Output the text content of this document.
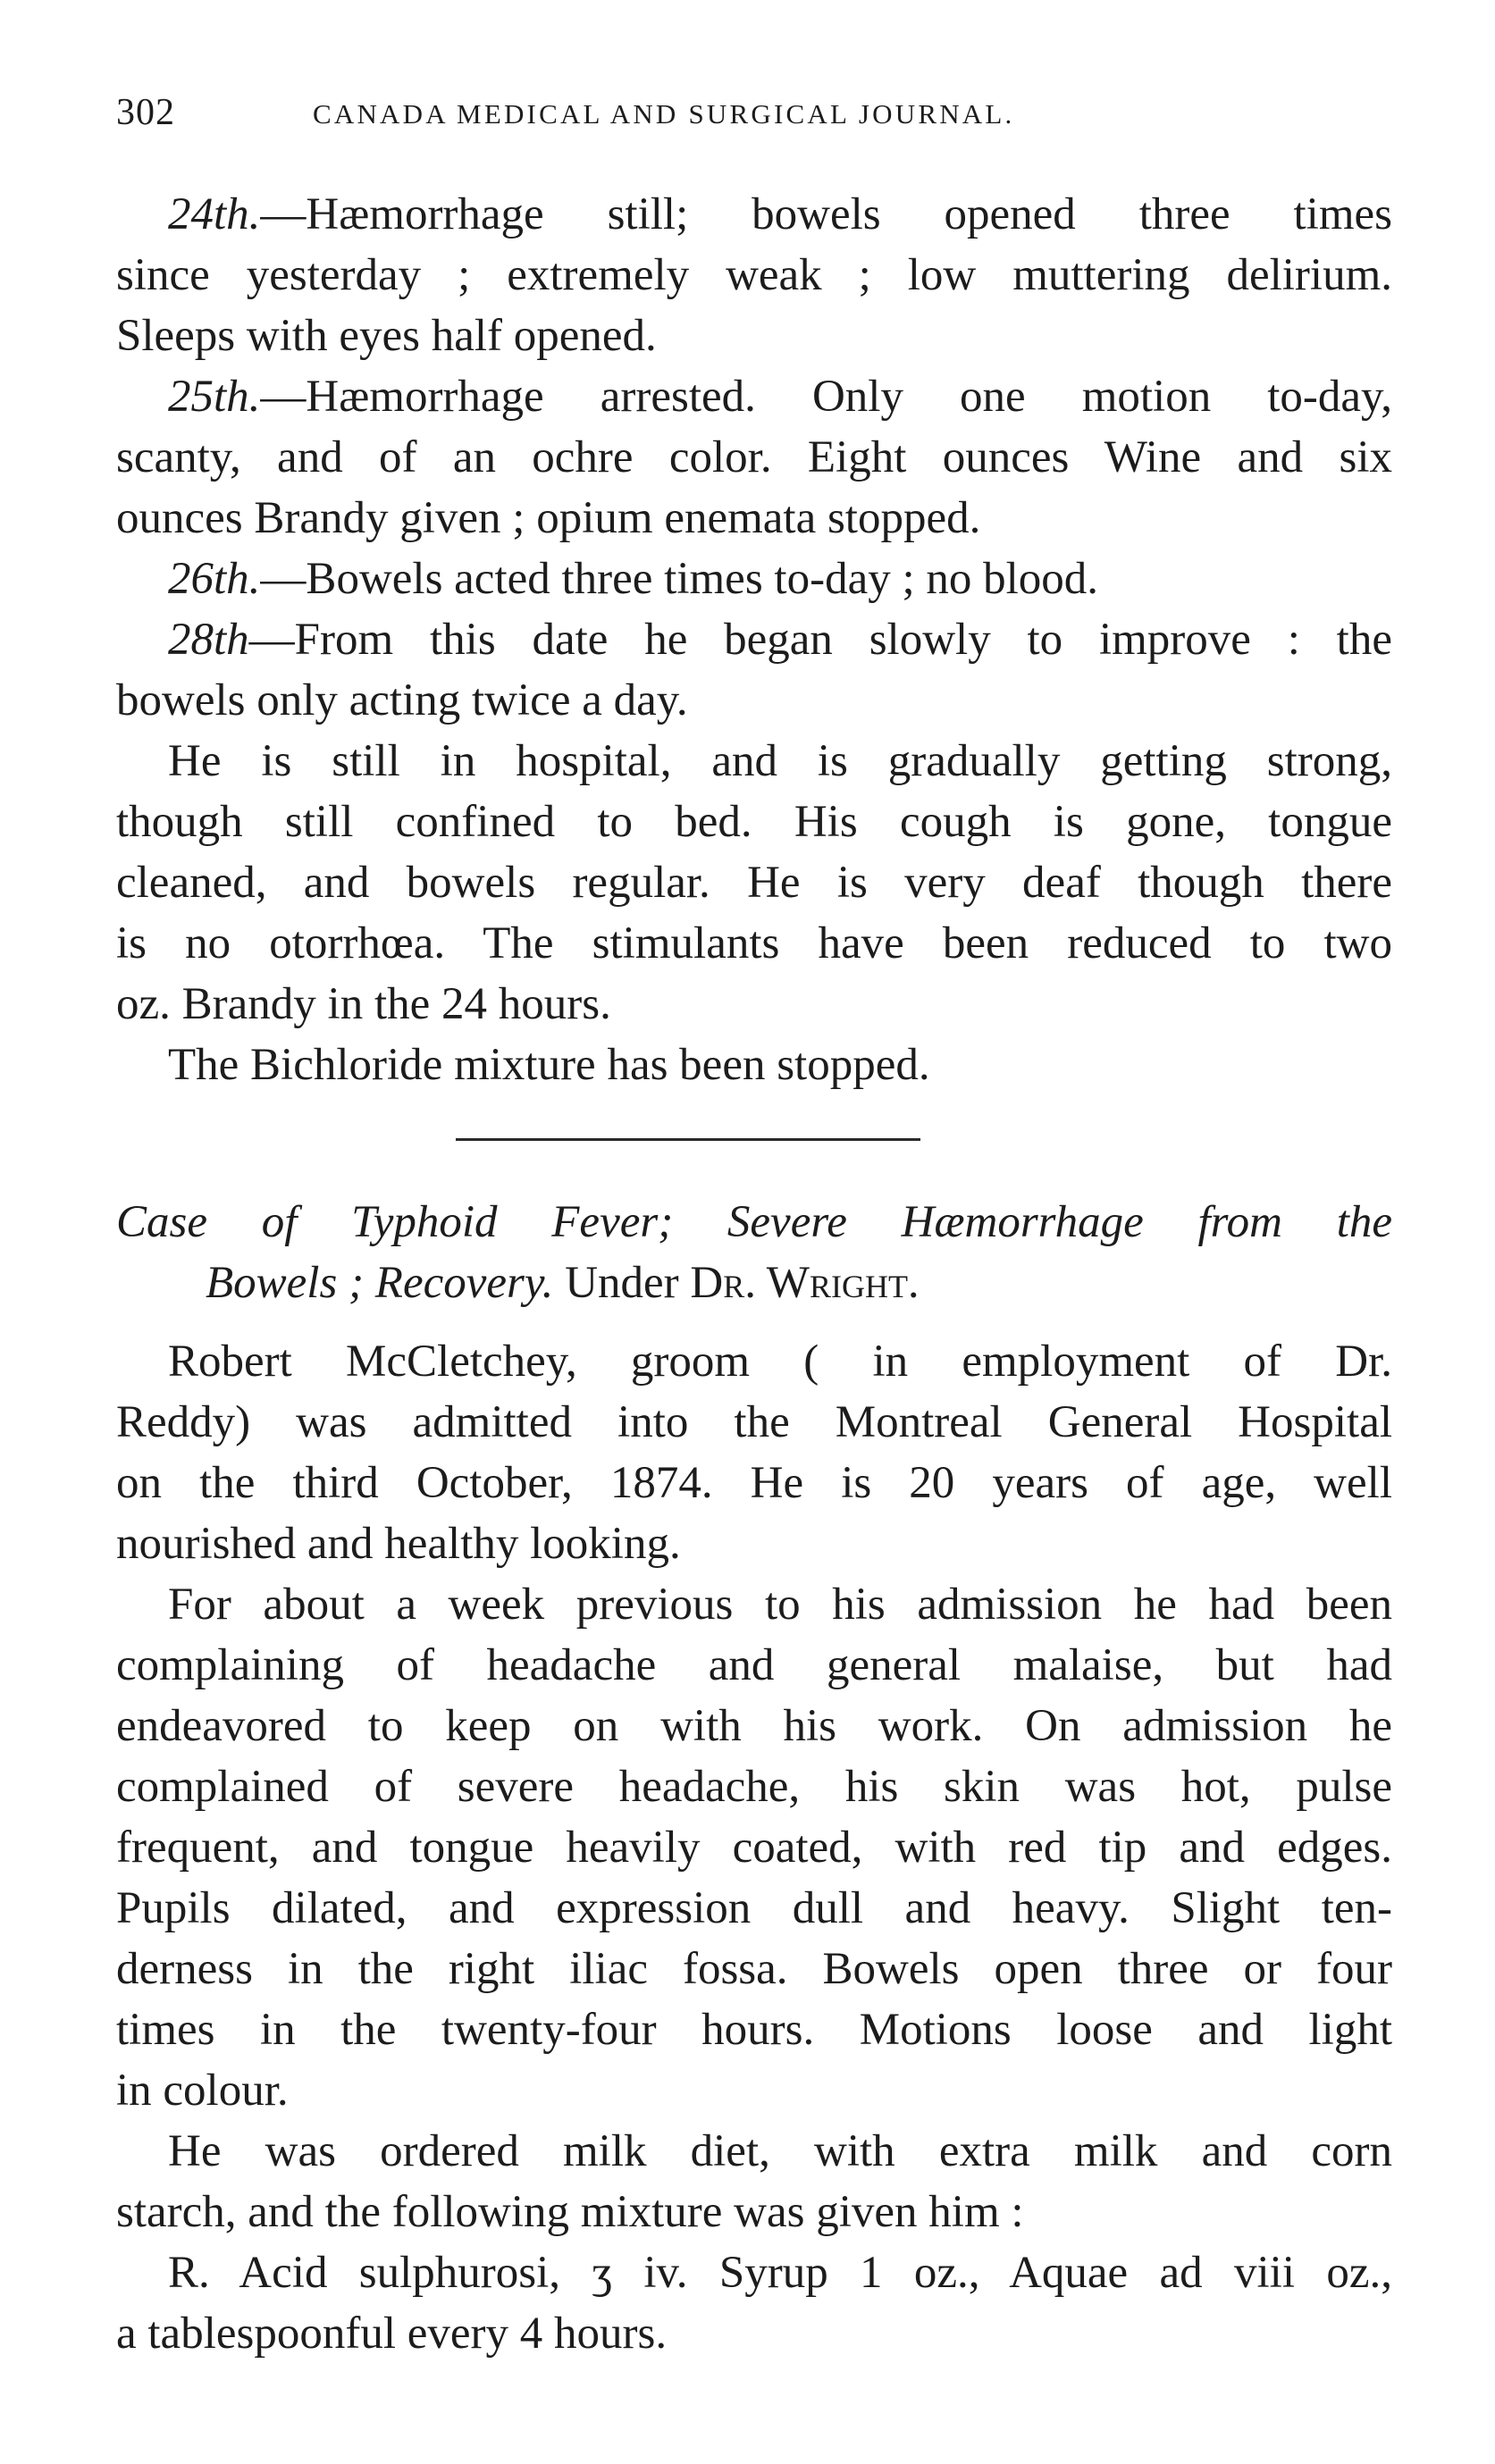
302	CANADA MEDICAL AND SURGICAL JOURNAL.
24th.—Hæmorrhage still; bowels opened three times
since yesterday ; extremely weak ; low muttering delirium.
Sleeps with eyes half opened.
25th.—Hæmorrhage arrested. Only one motion to-day,
scanty, and of an ochre color. Eight ounces Wine and six
ounces Brandy given ; opium enemata stopped.
26th.—Bowels acted three times to-day ; no blood.
28th—From this date he began slowly to improve : the
bowels only acting twice a day.
He is still in hospital, and is gradually getting strong,
though still confined to bed. His cough is gone, tongue
cleaned, and bowels regular. He is very deaf though there
is no otorrhœa. The stimulants have been reduced to two
oz. Brandy in the 24 hours.
The Bichloride mixture has been stopped.
Case of Typhoid Fever; Severe Hæmorrhage from the
Bowels ; Recovery. Under Dr. Wright.
Robert McCletchey, groom ( in employment of Dr.
Reddy) was admitted into the Montreal General Hospital
on the third October, 1874. He is 20 years of age, well
nourished and healthy looking.
For about a week previous to his admission he had been
complaining of headache and general malaise, but had
endeavored to keep on with his work. On admission he
complained of severe headache, his skin was hot, pulse
frequent, and tongue heavily coated, with red tip and edges.
Pupils dilated, and expression dull and heavy. Slight ten-
derness in the right iliac fossa. Bowels open three or four
times in the twenty-four hours. Motions loose and light
in colour.
He was ordered milk diet, with extra milk and corn
starch, and the following mixture was given him :
R. Acid sulphurosi, ʒ iv. Syrup 1 oz., Aquae ad viii oz.,
a tablespoonful every 4 hours.
